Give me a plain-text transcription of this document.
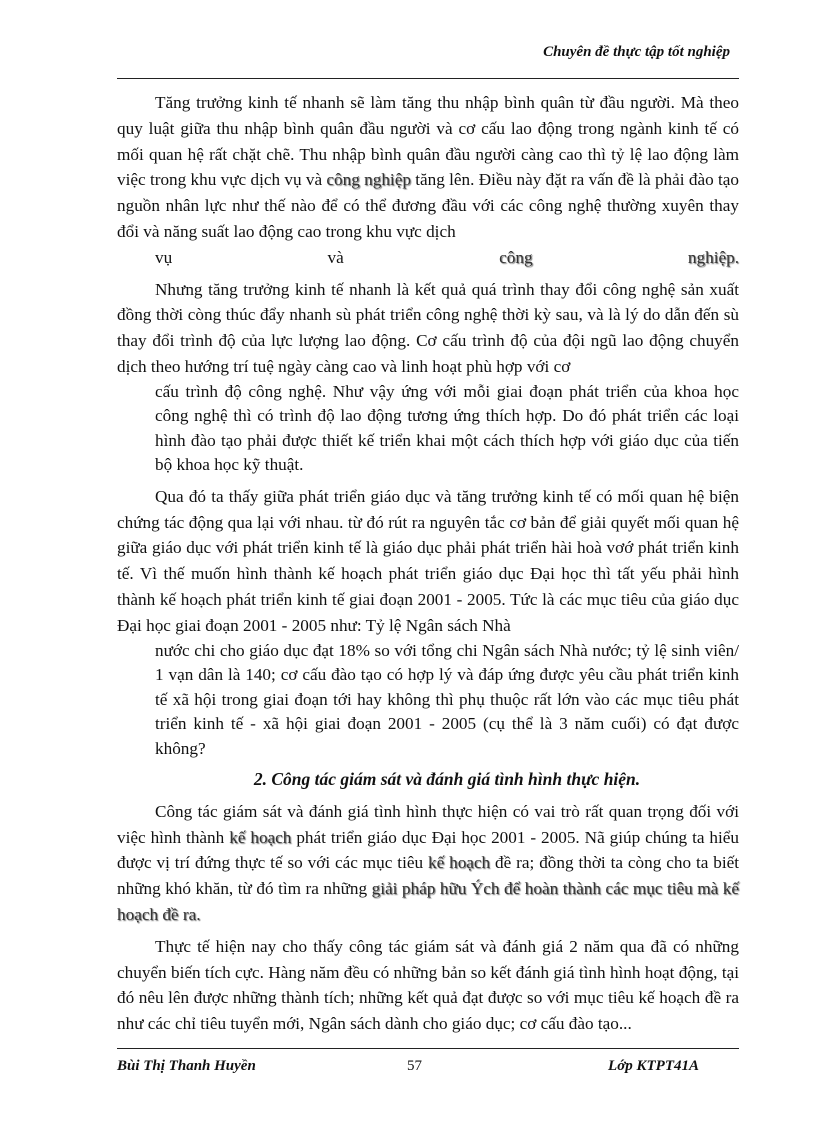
Chuyên đề thực tập tốt nghiệp

Tăng trưởng kinh tế nhanh sẽ làm tăng thu nhập bình quân từ đầu người. Mà theo quy luật giữa thu nhập bình quân đầu người và cơ cấu lao động trong ngành kinh tế có mối quan hệ rất chặt chẽ. Thu nhập bình quân đầu người càng cao thì tỷ lệ lao động làm việc trong khu vực dịch vụ và công nghiệp tăng lên. Điều này đặt ra vấn đề là phải đào tạo nguồn nhân lực như thế nào để có thể đương đầu với các công nghệ thường xuyên thay đổi và năng suất lao động cao trong khu vực dịch

vụ	và	công	nghiệp.

Nhưng tăng trưởng kinh tế nhanh là kết quả quá trình thay đổi công nghệ sản xuất đồng thời còng thúc đẩy nhanh sù phát triển công nghệ thời kỳ sau, và là lý do dẫn đến sù thay đổi trình độ của lực lượng lao động. Cơ cấu trình độ của đội ngũ lao động chuyển dịch theo hướng trí tuệ ngày càng cao và linh hoạt phù hợp với cơ

cấu trình độ công nghệ. Như vậy ứng với mỗi giai đoạn phát triển của khoa học công nghệ thì có trình độ lao động tương ứng thích hợp. Do đó phát triển các loại hình đào tạo phải được thiết kế triển khai một cách thích hợp với giáo dục của tiến bộ khoa học kỹ thuật.

Qua đó ta thấy giữa phát triển giáo dục và tăng trưởng kinh tế có mối quan hệ biện chứng tác động qua lại với nhau. từ đó rút ra nguyên tắc cơ bản để giải quyết mối quan hệ giữa giáo dục với phát triển kinh tế là giáo dục phải phát triển hài hoà vơớ phát triển kinh tế. Vì thế muốn hình thành kế hoạch phát triển giáo dục Đại học thì tất yếu phải hình thành kế hoạch phát triển kinh tế giai đoạn 2001 - 2005. Tức là các mục tiêu của giáo dục Đại học giai đoạn 2001 - 2005 như: Tỷ lệ Ngân sách Nhà

nước chi cho giáo dục đạt 18% so với tổng chi Ngân sách Nhà nước; tỷ lệ sinh viên/ 1 vạn dân là 140; cơ cấu đào tạo có hợp lý và đáp ứng được yêu cầu phát triển kinh tế xã hội trong giai đoạn tới hay không thì phụ thuộc rất lớn vào các mục tiêu phát triển kinh tế - xã hội giai đoạn 2001 - 2005 (cụ thể là 3 năm cuối) có đạt được không?

2. Công tác giám sát và đánh giá tình hình thực hiện.

Công tác giám sát và đánh giá tình hình thực hiện có vai trò rất quan trọng đối với việc hình thành kế hoạch phát triển giáo dục Đại học 2001 - 2005. Nã giúp chúng ta hiểu được vị trí đứng thực tế so với các mục tiêu kế hoạch đề ra; đồng thời ta còng cho ta biết những khó khăn, từ đó tìm ra những giải pháp hữu Ých để hoàn thành các mục tiêu mà kế hoạch đề ra.

Thực tế hiện nay cho thấy công tác giám sát và đánh giá 2 năm qua đã có những chuyển biến tích cực. Hàng năm đều có những bản so kết đánh giá tình hình hoạt động, tại đó nêu lên được những thành tích; những kết quả đạt được so với mục tiêu kế hoạch đề ra như các chỉ tiêu tuyển mới, Ngân sách dành cho giáo dục; cơ cấu đào tạo...

Bùi Thị Thanh Huyền	57	Lớp KTPT41A
